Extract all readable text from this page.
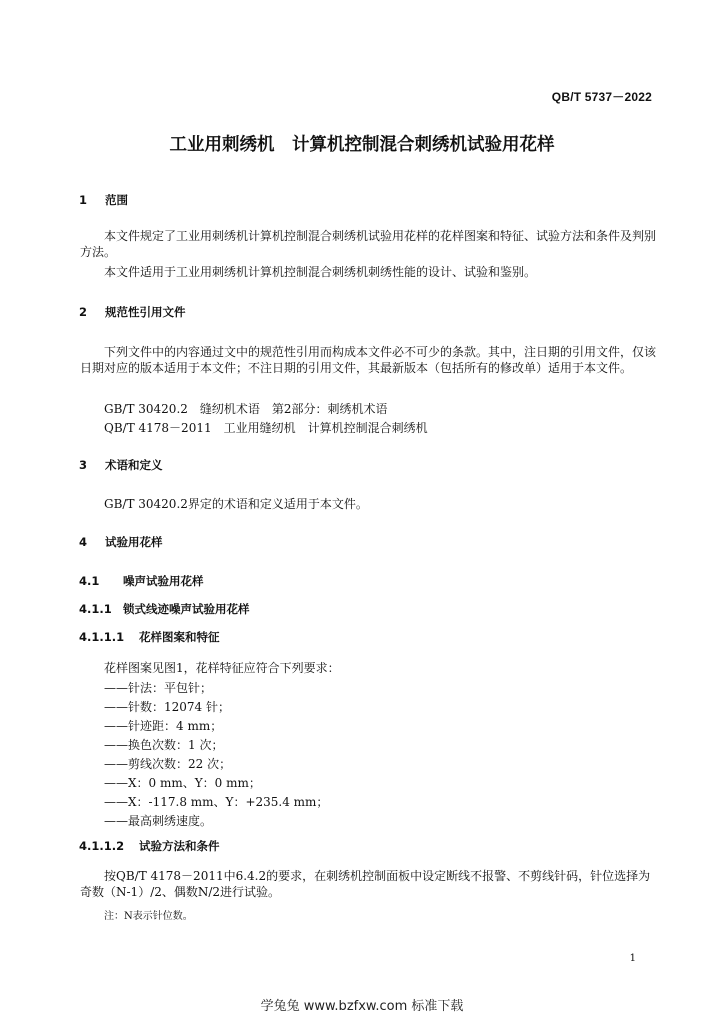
QB/T 5737－2022
工业用刺绣机　计算机控制混合刺绣机试验用花样
1 范围
本文件规定了工业用刺绣机计算机控制混合刺绣机试验用花样的花样图案和特征、试验方法和条件及判别方法。
本文件适用于工业用刺绣机计算机控制混合刺绣机刺绣性能的设计、试验和鉴别。
2 规范性引用文件
下列文件中的内容通过文中的规范性引用而构成本文件必不可少的条款。其中，注日期的引用文件，仅该日期对应的版本适用于本文件；不注日期的引用文件，其最新版本（包括所有的修改单）适用于本文件。
GB/T 30420.2　缝纫机术语　第2部分：刺绣机术语
QB/T 4178－2011　工业用缝纫机　计算机控制混合刺绣机
3 术语和定义
GB/T 30420.2界定的术语和定义适用于本文件。
4 试验用花样
4.1 噪声试验用花样
4.1.1 锁式线迹噪声试验用花样
4.1.1.1 花样图案和特征
花样图案见图1，花样特征应符合下列要求：
——针法：平包针；
——针数：12074 针；
——针迹距：4 mm；
——换色次数：1 次；
——剪线次数：22 次；
——X：0 mm、Y：0 mm；
——X：-117.8 mm、Y：+235.4 mm；
——最高刺绣速度。
4.1.1.2 试验方法和条件
按QB/T 4178－2011中6.4.2的要求，在刺绣机控制面板中设定断线不报警、不剪线针码，针位选择为奇数（N-1）/2、偶数N/2进行试验。
注：N表示针位数。
1
学兔兔 www.bzfxw.com 标准下载
